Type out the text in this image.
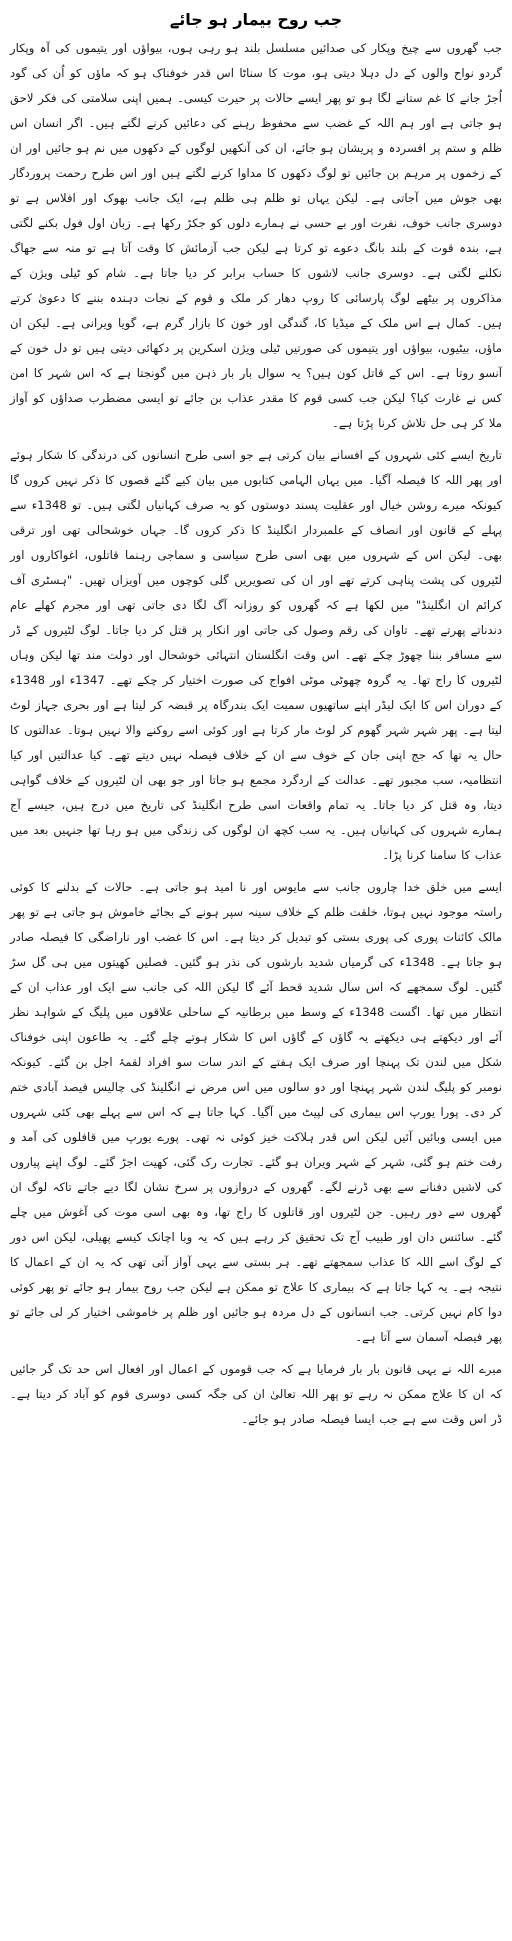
جب روح بیمار ہو جائے

جب گھروں سے چیخ وپکار کی صدائیں مسلسل بلند ہو رہی ہوں، بیواؤں اور یتیموں کی آہ وپکار گردو نواح والوں کے دل دہلا دیتی ہو، موت کا سناٹا اس قدر خوفناک ہو کہ ماؤں کو اُن کی گود اُجڑ جانے کا غم ستانے لگا ہو تو پھر ایسے حالات پر حیرت کیسی۔ ہمیں اپنی سلامتی کی فکر لاحق ہو جاتی ہے اور ہم اللہ کے غضب سے محفوظ رہنے کی دعائیں کرنے لگتے ہیں۔ اگر انسان اس ظلم و ستم پر افسردہ و پریشان ہو جائے، ان کی آنکھیں لوگوں کے دکھوں میں نم ہو جائیں اور ان کے زخموں پر مرہم بن جائیں تو لوگ دکھوں کا مداوا کرنے لگتے ہیں اور اس طرح رحمت پروردگار بھی جوش میں آجاتی ہے۔ لیکن یہاں تو ظلم ہی ظلم ہے، ایک جانب بھوک اور افلاس ہے تو دوسری جانب خوف، نفرت اور بے حسی نے ہمارے دلوں کو جکڑ رکھا ہے۔ زبان اول فول بکنے لگتی ہے، بندہ قوت کے بلند بانگ دعوے تو کرتا ہے لیکن جب آزمائش کا وقت آتا ہے تو منہ سے جھاگ نکلنے لگتی ہے۔ دوسری جانب لاشوں کا حساب برابر کر دیا جاتا ہے۔ شام کو ٹیلی ویژن کے مذاکروں پر بیٹھے لوگ پارسائی کا روپ دھار کر ملک و قوم کے نجات دہندہ بننے کا دعویٰ کرتے ہیں۔ کمال ہے اس ملک کے میڈیا کا، گندگی اور خون کا بازار گرم ہے، گویا ویرانی ہے۔ لیکن ان ماؤں، بیٹیوں، بیواؤں اور یتیموں کی صورتیں ٹیلی ویژن اسکرین پر دکھائی دیتی ہیں تو دل خون کے آنسو روتا ہے۔ اس کے قاتل کون ہیں؟ یہ سوال بار بار ذہن میں گونجتا ہے کہ اس شہر کا امن کس نے غارت کیا؟ لیکن جب کسی قوم کا مقدر عذاب بن جائے تو ایسی مضطرب صداؤں کو آواز ملا کر ہی حل تلاش کرنا پڑتا ہے۔

تاریخ ایسے کئی شہروں کے افسانے بیان کرتی ہے جو اسی طرح انسانوں کی درندگی کا شکار ہوئے اور پھر اللہ کا فیصلہ آگیا۔ میں یہاں الہامی کتابوں میں بیان کیے گئے قصوں کا ذکر نہیں کروں گا کیونکہ میرے روشن خیال اور عقلیت پسند دوستوں کو یہ صرف کہانیاں لگتی ہیں۔ تو 1348ء سے پہلے کے قانون اور انصاف کے علمبردار انگلینڈ کا ذکر کروں گا۔ جہاں خوشحالی تھی اور ترقی بھی۔ لیکن اس کے شہروں میں بھی اسی طرح سیاسی و سماجی رہنما قاتلوں، اغواکاروں اور لٹیروں کی پشت پناہی کرتے تھے اور ان کی تصویریں گلی کوچوں میں آویزاں تھیں۔ "ہسٹری آف کرائم ان انگلینڈ" میں لکھا ہے کہ گھروں کو روزانہ آگ لگا دی جاتی تھی اور مجرم کھلے عام دندناتے پھرتے تھے۔ تاوان کی رقم وصول کی جاتی اور انکار پر قتل کر دیا جاتا۔ لوگ لٹیروں کے ڈر سے مسافر بننا چھوڑ چکے تھے۔ اس وقت انگلستان انتہائی خوشحال اور دولت مند تھا لیکن وہاں لٹیروں کا راج تھا۔ یہ گروہ چھوٹی موٹی افواج کی صورت اختیار کر چکے تھے۔ 1347ء اور 1348ء کے دوران اس کا ایک لیڈر اپنے ساتھیوں سمیت ایک بندرگاہ پر قبضہ کر لیتا ہے اور بحری جہاز لوٹ لیتا ہے۔ پھر شہر شہر گھوم کر لوٹ مار کرتا ہے اور کوئی اسے روکنے والا نہیں ہوتا۔ عدالتوں کا حال یہ تھا کہ جج اپنی جان کے خوف سے ان کے خلاف فیصلہ نہیں دیتے تھے۔ کیا عدالتیں اور کیا انتظامیہ، سب مجبور تھے۔ عدالت کے اردگرد مجمع ہو جاتا اور جو بھی ان لٹیروں کے خلاف گواہی دیتا، وہ قتل کر دیا جاتا۔ یہ تمام واقعات اسی طرح انگلینڈ کی تاریخ میں درج ہیں، جیسے آج ہمارے شہروں کی کہانیاں ہیں۔ یہ سب کچھ ان لوگوں کی زندگی میں ہو رہا تھا جنہیں بعد میں عذاب کا سامنا کرنا پڑا۔

ایسے میں خلق خدا چاروں جانب سے مایوس اور نا امید ہو جاتی ہے۔ حالات کے بدلنے کا کوئی راستہ موجود نہیں ہوتا، خلقت ظلم کے خلاف سینہ سپر ہونے کے بجائے خاموش ہو جاتی ہے تو پھر مالک کائنات پوری کی پوری بستی کو تبدیل کر دیتا ہے۔ اس کا غضب اور ناراضگی کا فیصلہ صادر ہو جاتا ہے۔ 1348ء کی گرمیاں شدید بارشوں کی نذر ہو گئیں۔ فصلیں کھیتوں میں ہی گل سڑ گئیں۔ لوگ سمجھے کہ اس سال شدید قحط آئے گا لیکن اللہ کی جانب سے ایک اور عذاب ان کے انتظار میں تھا۔ اگست 1348ء کے وسط میں برطانیہ کے ساحلی علاقوں میں پلیگ کے شواہد نظر آئے اور دیکھتے ہی دیکھتے یہ گاؤں کے گاؤں اس کا شکار ہوتے چلے گئے۔ یہ طاعون اپنی خوفناک شکل میں لندن تک پہنچا اور صرف ایک ہفتے کے اندر سات سو افراد لقمۂ اجل بن گئے۔ کیونکہ نومبر کو پلیگ لندن شہر پہنچا اور دو سالوں میں اس مرض نے انگلینڈ کی چالیس فیصد آبادی ختم کر دی۔ پورا یورپ اس بیماری کی لپیٹ میں آگیا۔ کہا جاتا ہے کہ اس سے پہلے بھی کئی شہروں میں ایسی وبائیں آئیں لیکن اس قدر ہلاکت خیز کوئی نہ تھی۔ پورے یورپ میں قافلوں کی آمد و رفت ختم ہو گئی، شہر کے شہر ویران ہو گئے۔ تجارت رک گئی، کھیت اجڑ گئے۔ لوگ اپنے پیاروں کی لاشیں دفنانے سے بھی ڈرنے لگے۔ گھروں کے دروازوں پر سرخ نشان لگا دیے جاتے تاکہ لوگ ان گھروں سے دور رہیں۔ جن لٹیروں اور قاتلوں کا راج تھا، وہ بھی اسی موت کی آغوش میں چلے گئے۔ سائنس دان اور طبیب آج تک تحقیق کر رہے ہیں کہ یہ وبا اچانک کیسے پھیلی، لیکن اس دور کے لوگ اسے اللہ کا عذاب سمجھتے تھے۔ ہر بستی سے یہی آواز آتی تھی کہ یہ ان کے اعمال کا نتیجہ ہے۔ یہ کہا جاتا ہے کہ بیماری کا علاج تو ممکن ہے لیکن جب روح بیمار ہو جائے تو پھر کوئی دوا کام نہیں کرتی۔ جب انسانوں کے دل مردہ ہو جائیں اور ظلم پر خاموشی اختیار کر لی جائے تو پھر فیصلہ آسمان سے آتا ہے۔

میرے اللہ نے یہی قانون بار بار فرمایا ہے کہ جب قوموں کے اعمال اور افعال اس حد تک گر جائیں کہ ان کا علاج ممکن نہ رہے تو پھر اللہ تعالیٰ ان کی جگہ کسی دوسری قوم کو آباد کر دیتا ہے۔ ڈر اس وقت سے ہے جب ایسا فیصلہ صادر ہو جائے۔
